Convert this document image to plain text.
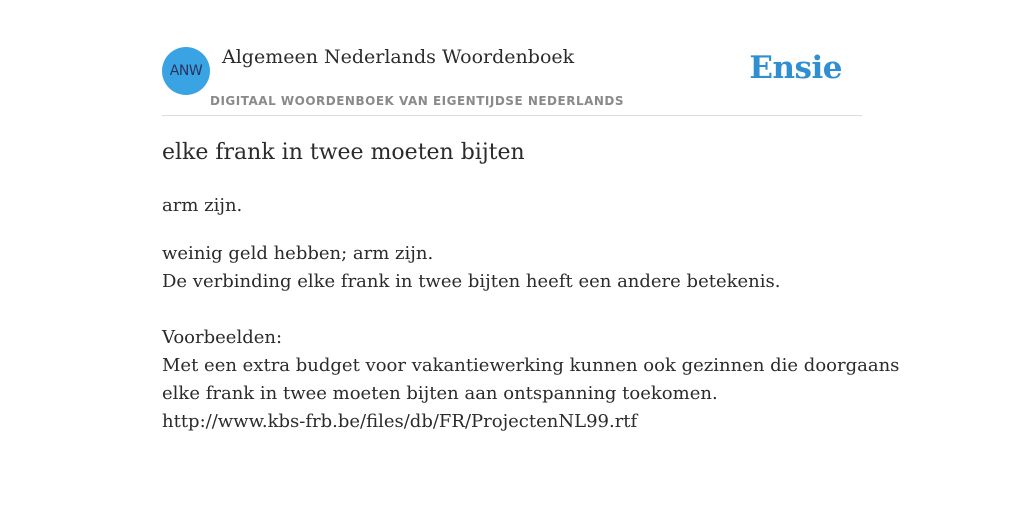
ANW
Algemeen Nederlands Woordenboek
DIGITAAL WOORDENBOEK VAN EIGENTIJDSE NEDERLANDS
Ensie
elke frank in twee moeten bijten
arm zijn.
weinig geld hebben; arm zijn.
De verbinding elke frank in twee bijten heeft een andere betekenis.
Voorbeelden:
Met een extra budget voor vakantiewerking kunnen ook gezinnen die doorgaans
elke frank in twee moeten bijten aan ontspanning toekomen.
http://www.kbs-frb.be/files/db/FR/ProjectenNL99.rtf
